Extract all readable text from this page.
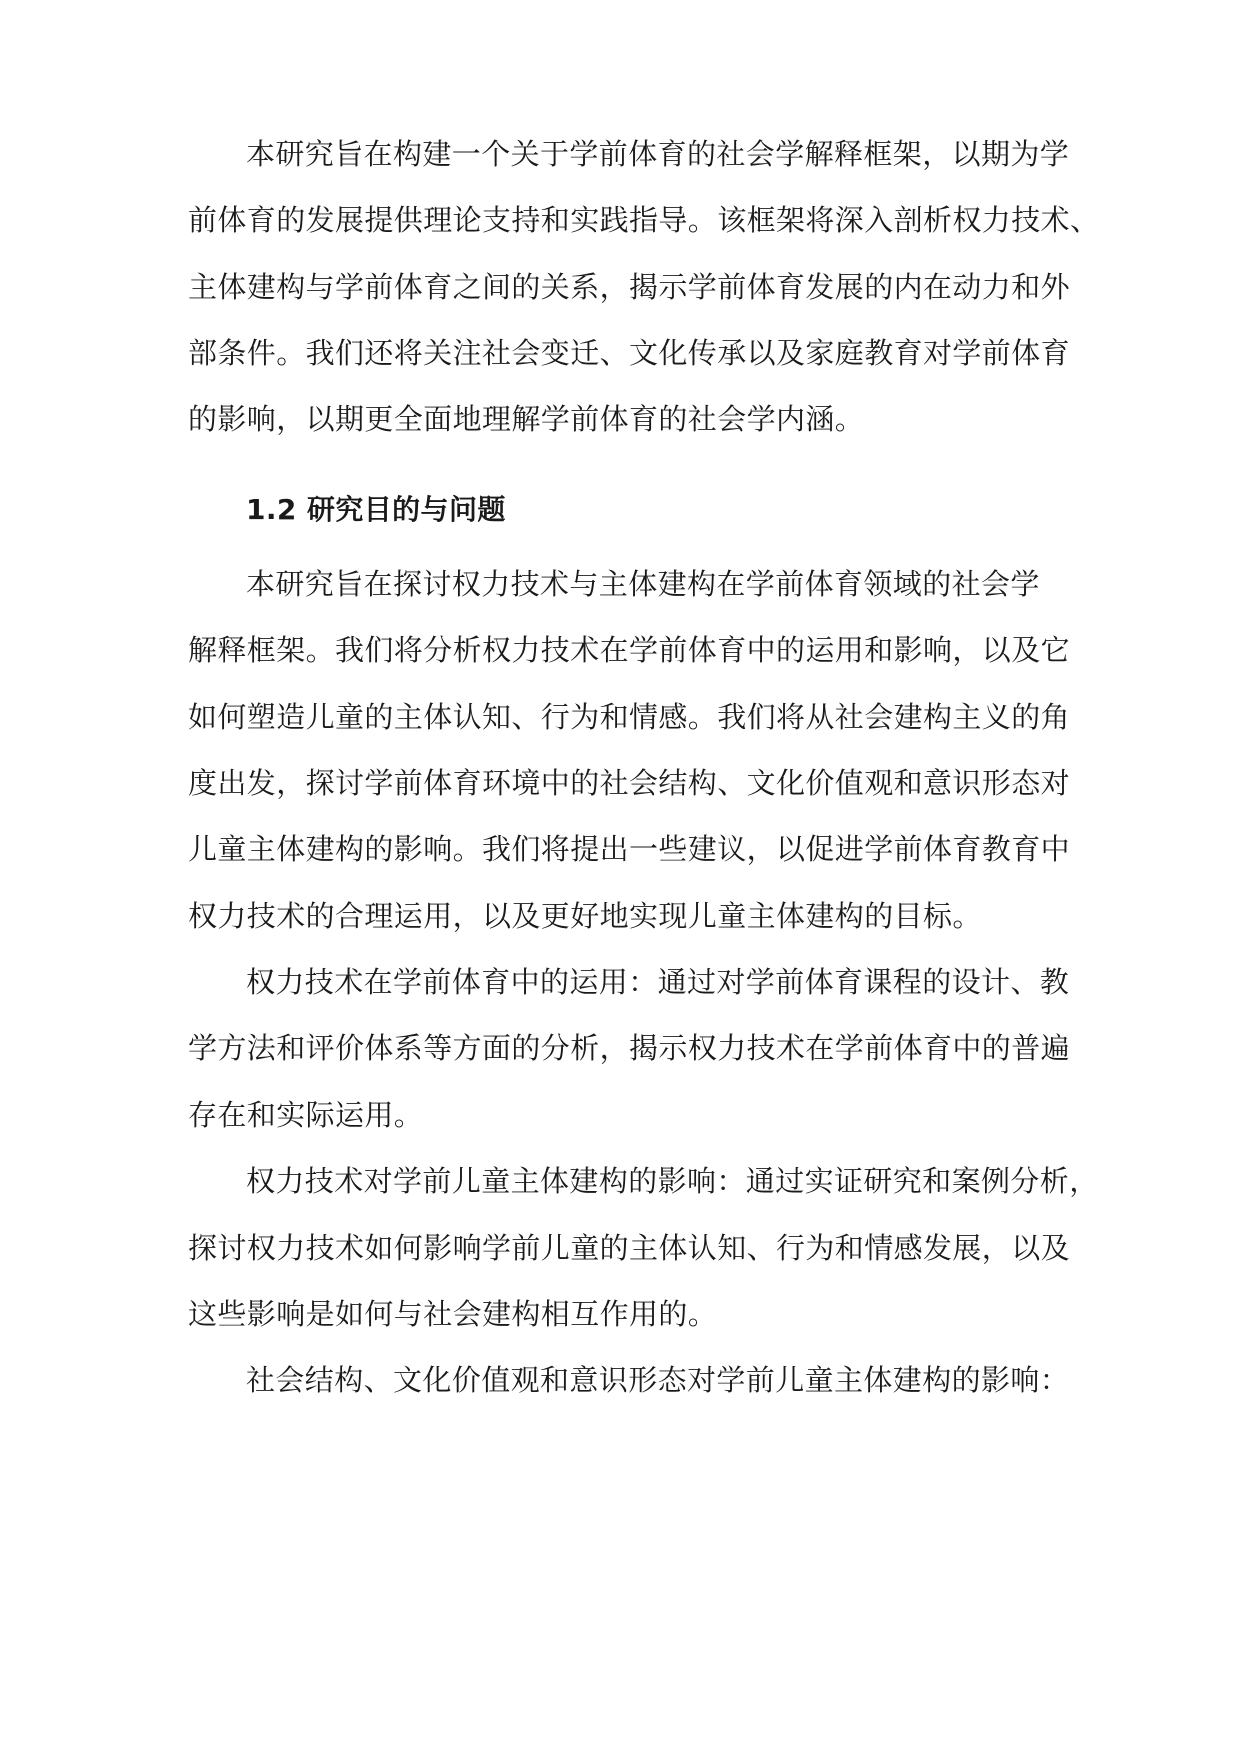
本研究旨在构建一个关于学前体育的社会学解释框架，以期为学
前体育的发展提供理论支持和实践指导。该框架将深入剖析权力技术、
主体建构与学前体育之间的关系，揭示学前体育发展的内在动力和外
部条件。我们还将关注社会变迁、文化传承以及家庭教育对学前体育
的影响，以期更全面地理解学前体育的社会学内涵。
1.2 研究目的与问题
本研究旨在探讨权力技术与主体建构在学前体育领域的社会学
解释框架。我们将分析权力技术在学前体育中的运用和影响，以及它
如何塑造儿童的主体认知、行为和情感。我们将从社会建构主义的角
度出发，探讨学前体育环境中的社会结构、文化价值观和意识形态对
儿童主体建构的影响。我们将提出一些建议，以促进学前体育教育中
权力技术的合理运用，以及更好地实现儿童主体建构的目标。
权力技术在学前体育中的运用：通过对学前体育课程的设计、教
学方法和评价体系等方面的分析，揭示权力技术在学前体育中的普遍
存在和实际运用。
权力技术对学前儿童主体建构的影响：通过实证研究和案例分析，
探讨权力技术如何影响学前儿童的主体认知、行为和情感发展，以及
这些影响是如何与社会建构相互作用的。
社会结构、文化价值观和意识形态对学前儿童主体建构的影响：
